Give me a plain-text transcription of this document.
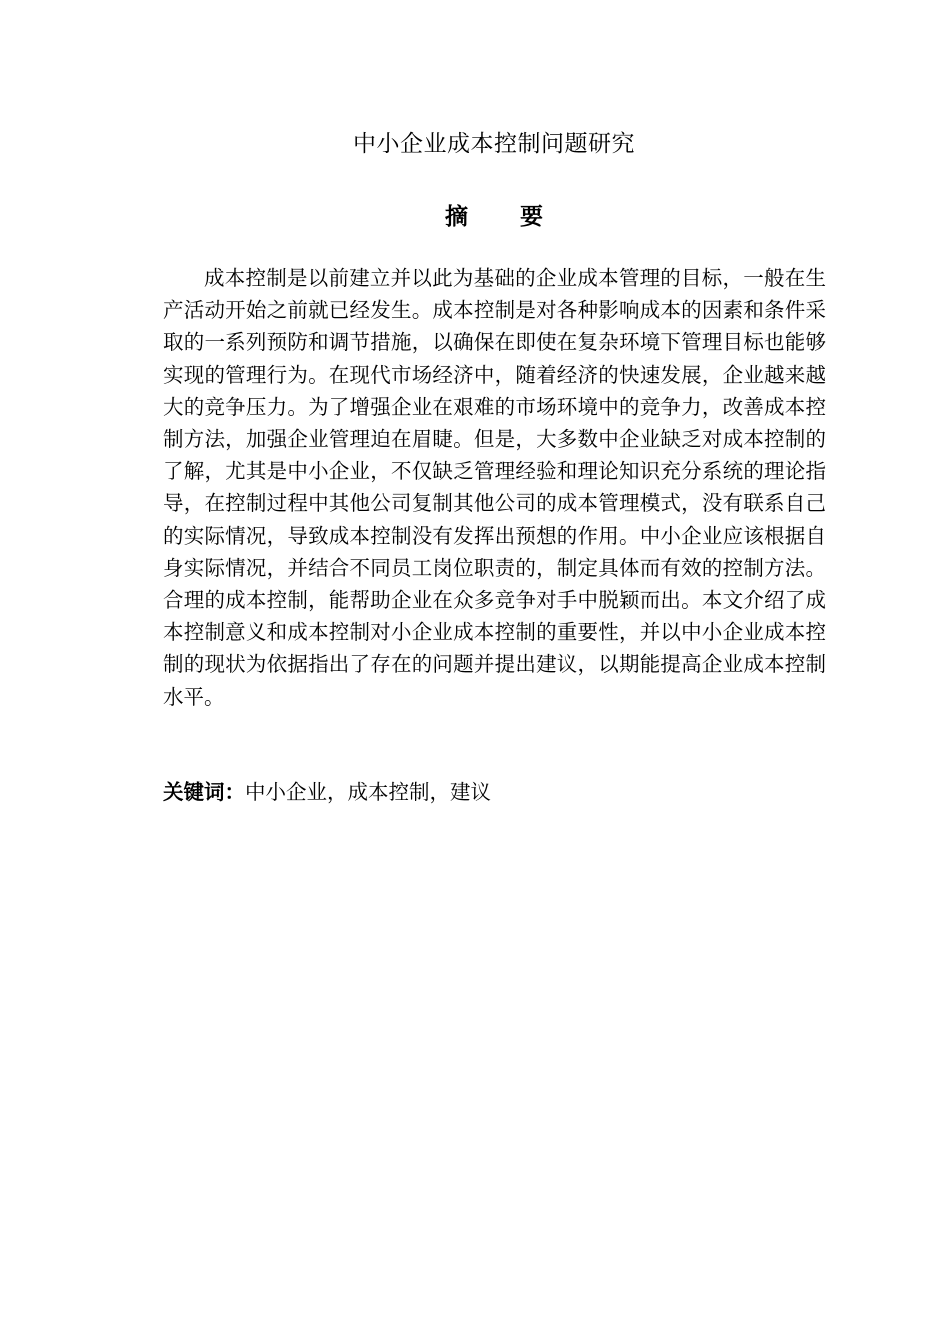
中小企业成本控制问题研究
摘 要

成本控制是以前建立并以此为基础的企业成本管理的目标，一般在生产活动开始之前就已经发生。成本控制是对各种影响成本的因素和条件采取的一系列预防和调节措施，以确保在即使在复杂环境下管理目标也能够实现的管理行为。在现代市场经济中，随着经济的快速发展，企业越来越大的竞争压力。为了增强企业在艰难的市场环境中的竞争力，改善成本控制方法，加强企业管理迫在眉睫。但是，大多数中企业缺乏对成本控制的了解，尤其是中小企业，不仅缺乏管理经验和理论知识充分系统的理论指导，在控制过程中其他公司复制其他公司的成本管理模式，没有联系自己的实际情况，导致成本控制没有发挥出预想的作用。中小企业应该根据自身实际情况，并结合不同员工岗位职责的，制定具体而有效的控制方法。合理的成本控制，能帮助企业在众多竞争对手中脱颖而出。本文介绍了成本控制意义和成本控制对小企业成本控制的重要性，并以中小企业成本控制的现状为依据指出了存在的问题并提出建议，以期能提高企业成本控制水平。

关键词：中小企业，成本控制，建议
